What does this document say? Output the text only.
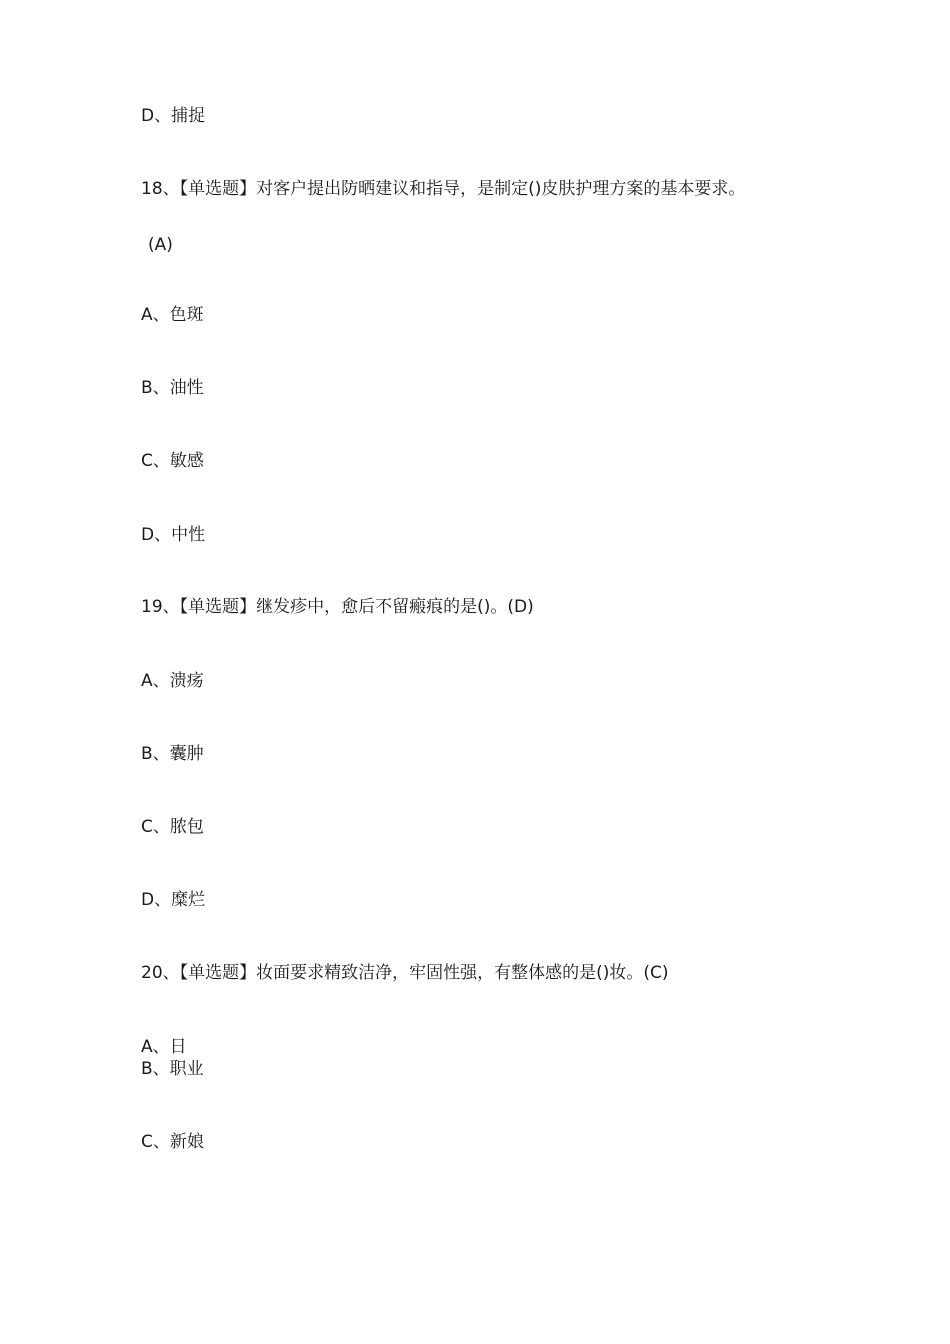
D、捕捉
18、【单选题】对客户提出防晒建议和指导，是制定()皮肤护理方案的基本要求。
(A)
A、色斑
B、油性
C、敏感
D、中性
19、【单选题】继发疹中，愈后不留瘢痕的是()。(D)
A、溃疡
B、囊肿
C、脓包
D、糜烂
20、【单选题】妆面要求精致洁净，牢固性强，有整体感的是()妆。(C)
A、日
B、职业
C、新娘
